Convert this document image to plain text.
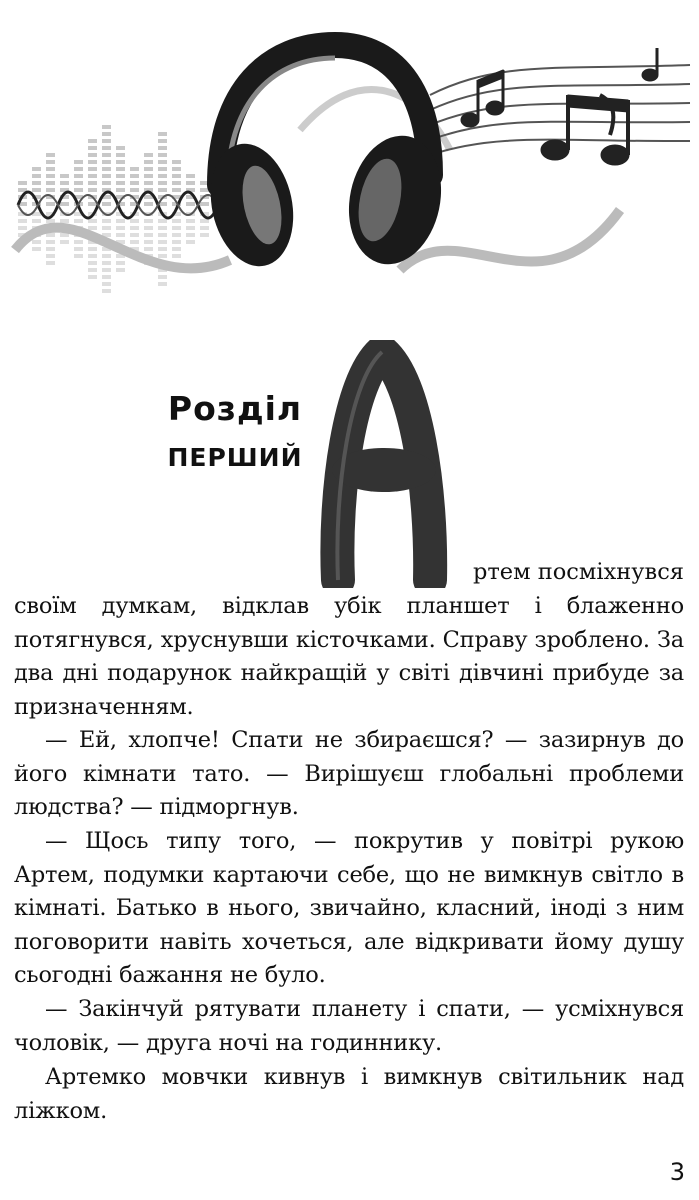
Розділ
ПЕРШИЙ
А

ртем посміхнувся

своїм думкам, відклав убік планшет і блаженно потягнувся, хруснувши кісточками. Справу зроблено. За два дні подарунок найкращій у світі дівчині прибуде за призначенням.

— Ей, хлопче! Спати не збираєшся? — зазирнув до його кімнати тато. — Вирішуєш глобальні проблеми людства? — підморгнув.

— Щось типу того, — покрутив у повітрі рукою Артем, подумки картаючи себе, що не вимкнув світло в кімнаті. Батько в нього, звичайно, класний, іноді з ним поговорити навіть хочеться, але відкривати йому душу сьогодні бажання не було.

— Закінчуй рятувати планету і спати, — усміхнувся чоловік, — друга ночі на годиннику.

Артемко мовчки кивнув і вимкнув світильник над ліжком.

3
